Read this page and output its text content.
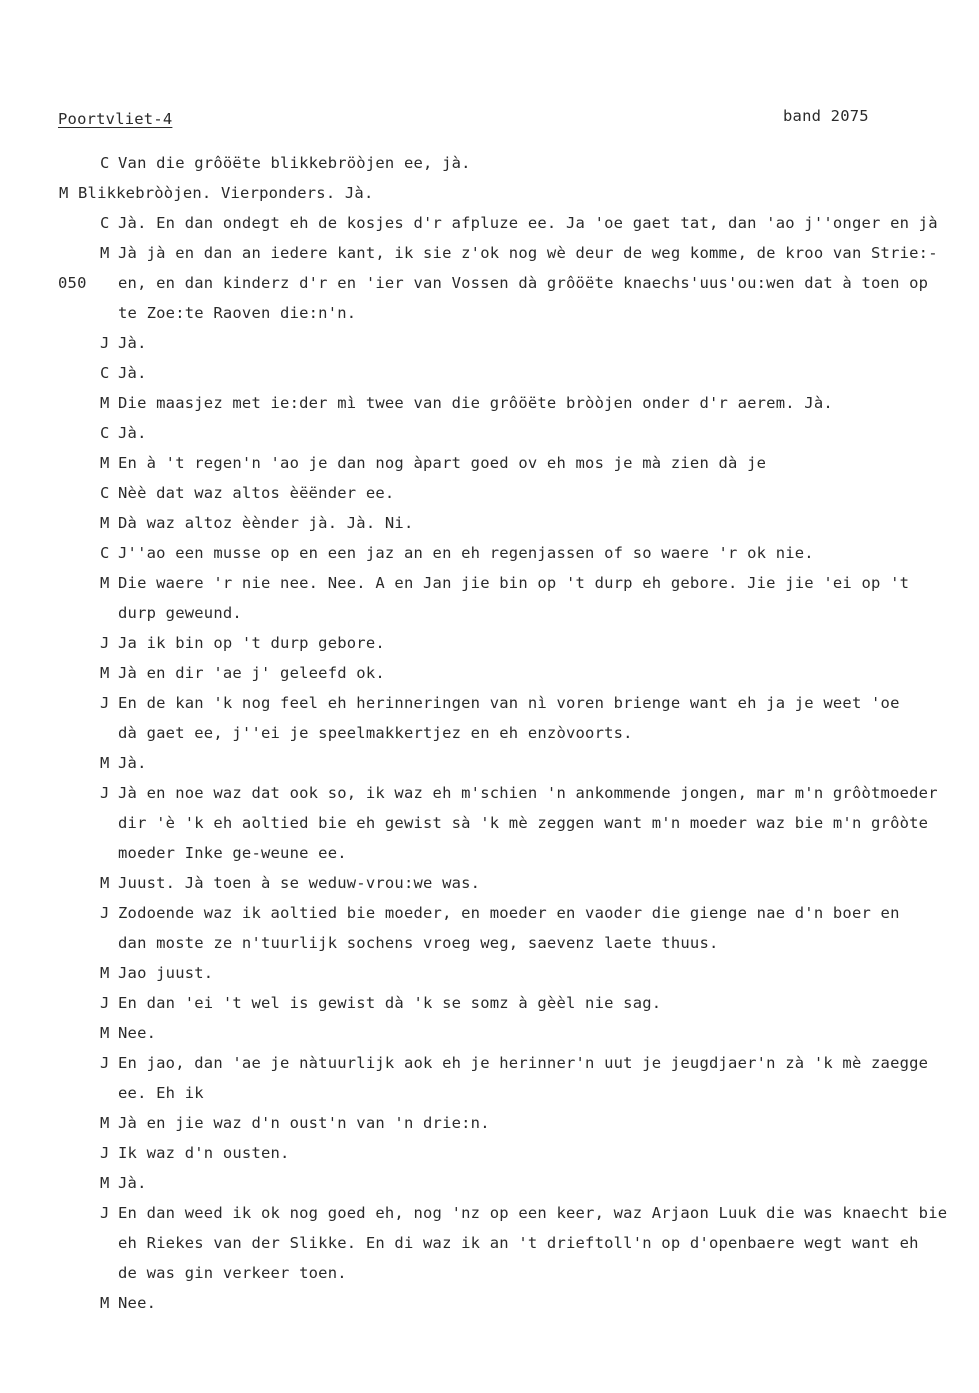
Poortvliet-4	band 2075
C Van die grôöëte blikkebröòjen ee, jà.
M Blikkebròòjen. Vierponders. Jà.
C Jà. En dan ondegt eh de kosjes d'r afpluze ee. Ja 'oe gaet tat, dan 'ao j''onger en jà
M Jà jà en dan an iedere kant, ik sie z'ok nog wè deur de weg komme, de kroo van Strie:-
en, en dan kinderz d'r en 'ier van Vossen dà grôöëte knaechs'uus'ou:wen dat à toen op
te Zoe:te Raoven die:n'n.
050
J Jà.
C Jà.
M Die maasjez met ie:der mì twee van die grôöëte bròòjen onder d'r aerem. Jà.
C Jà.
M En à 't regen'n 'ao je dan nog àpart goed ov eh mos je mà zien dà je
C Nèè dat waz altos èëënder ee.
M Dà waz altoz èènder jà. Jà. Ni.
C J''ao een musse op en een jaz an en eh regenjassen of so waere 'r ok nie.
M Die waere 'r nie nee. Nee. A en Jan jie bin op 't durp eh gebore. Jie jie 'ei op 't
durp geweund.
J Ja ik bin op 't durp gebore.
M Jà en dir 'ae j' geleefd ok.
J En de kan 'k nog feel eh herinneringen van nì voren brienge want eh ja je weet 'oe
dà gaet ee, j''ei je speelmakkertjez en eh enzòvoorts.
M Jà.
J Jà en noe waz dat ook so, ik waz eh m'schien 'n ankommende jongen, mar m'n grôòtmoeder
dir 'è 'k eh aoltied bie eh gewist sà 'k mè zeggen want m'n moeder waz bie m'n grôòte
moeder Inke ge-weune ee.
M Juust. Jà toen à se weduw-vrou:we was.
J Zodoende waz ik aoltied bie moeder, en moeder en vaoder die gienge nae d'n boer en
dan moste ze n'tuurlijk sochens vroeg weg, saevenz laete thuus.
M Jao juust.
J En dan 'ei 't wel is gewist dà 'k se somz à gèèl nie sag.
M Nee.
J En jao, dan 'ae je nàtuurlijk aok eh je herinner'n uut je jeugdjaer'n zà 'k mè zaegge
ee. Eh ik
M Jà en jie waz d'n oust'n van 'n drie:n.
J Ik waz d'n ousten.
M Jà.
J En dan weed ik ok nog goed eh, nog 'nz op een keer, waz Arjaon Luuk die was knaecht bie
eh Riekes van der Slikke. En di waz ik an 't drieftoll'n op d'openbaere wegt want eh
de was gin verkeer toen.
M Nee.
